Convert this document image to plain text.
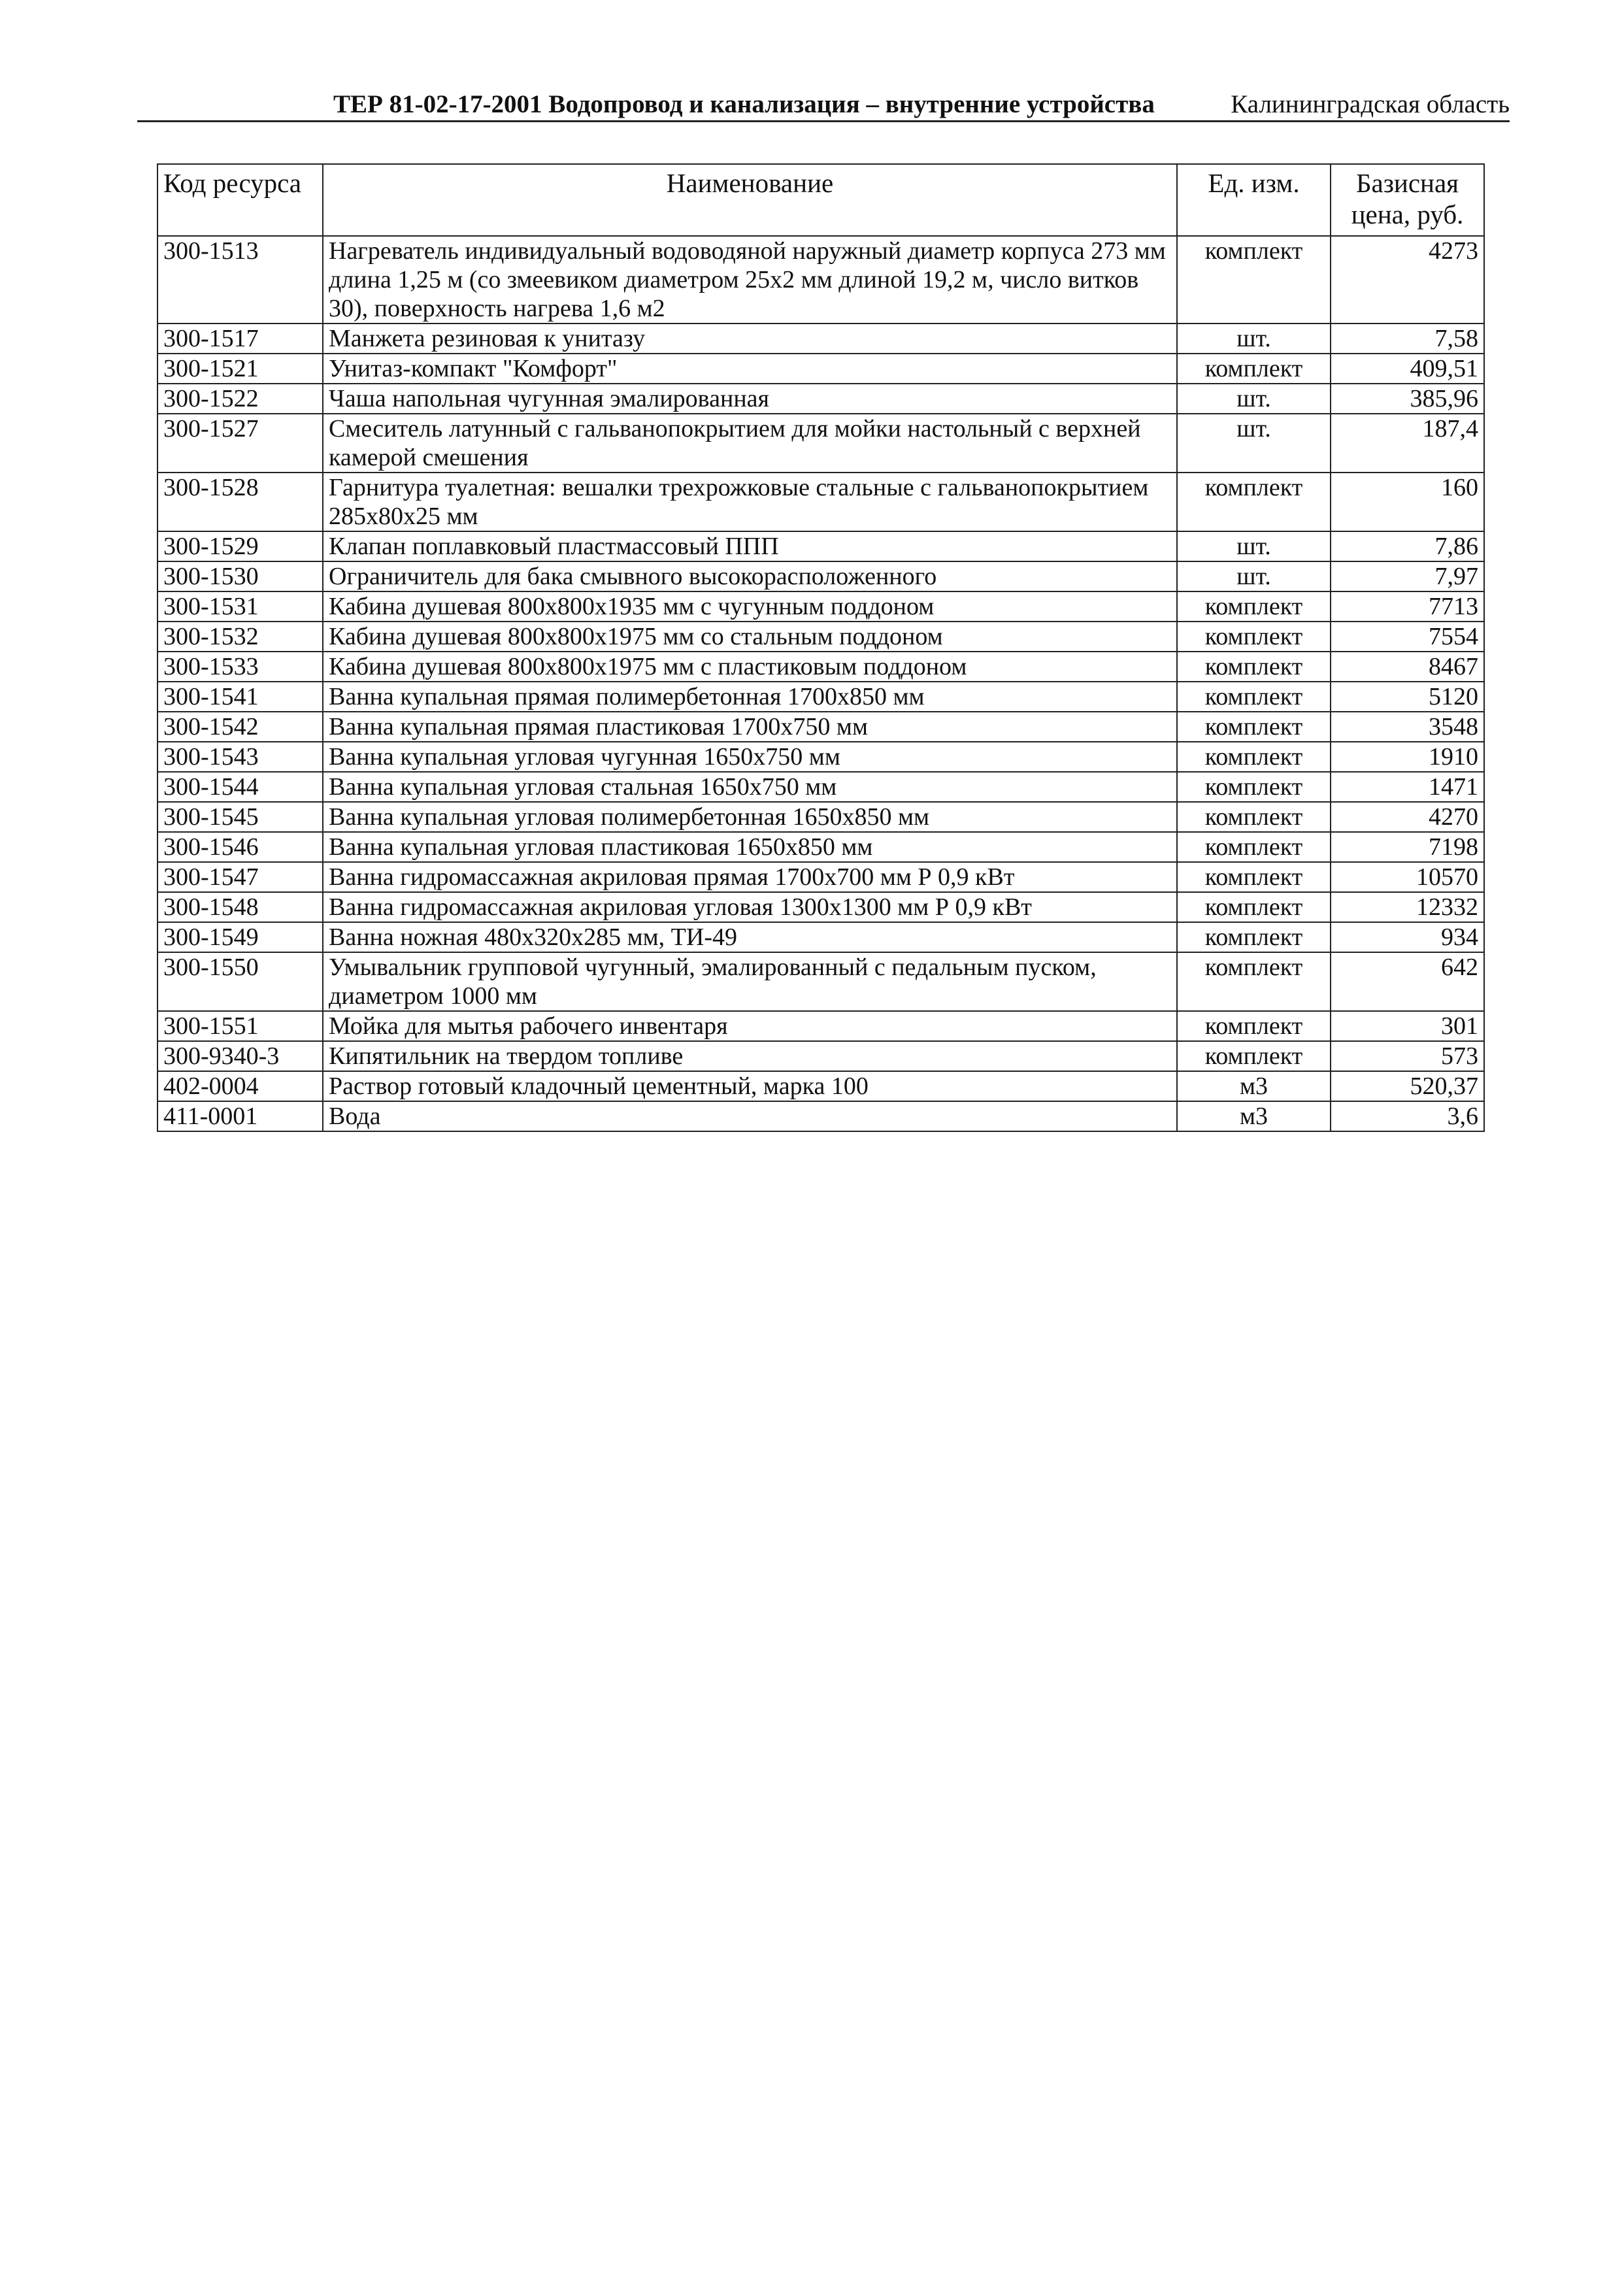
ТЕР 81-02-17-2001 Водопровод и канализация – внутренние устройства	Калининградская область
Код ресурса	Наименование	Ед. изм.	Базисная цена, руб.
300-1513	Нагреватель индивидуальный водоводяной наружный диаметр корпуса 273 мм длина 1,25 м (со змеевиком диаметром 25х2 мм длиной 19,2 м, число витков 30), поверхность нагрева 1,6 м2	комплект	4273
300-1517	Манжета резиновая к унитазу	шт.	7,58
300-1521	Унитаз-компакт "Комфорт"	комплект	409,51
300-1522	Чаша напольная чугунная эмалированная	шт.	385,96
300-1527	Смеситель латунный с гальванопокрытием для мойки настольный с верхней камерой смешения	шт.	187,4
300-1528	Гарнитура туалетная: вешалки трехрожковые стальные с гальванопокрытием 285х80х25 мм	комплект	160
300-1529	Клапан поплавковый пластмассовый ППП	шт.	7,86
300-1530	Ограничитель для бака смывного высокорасположенного	шт.	7,97
300-1531	Кабина душевая 800х800х1935 мм с чугунным поддоном	комплект	7713
300-1532	Кабина душевая 800х800х1975 мм со стальным поддоном	комплект	7554
300-1533	Кабина душевая 800х800х1975 мм с пластиковым поддоном	комплект	8467
300-1541	Ванна купальная прямая полимербетонная 1700х850 мм	комплект	5120
300-1542	Ванна купальная прямая пластиковая 1700х750 мм	комплект	3548
300-1543	Ванна купальная угловая чугунная 1650х750 мм	комплект	1910
300-1544	Ванна купальная угловая стальная 1650х750 мм	комплект	1471
300-1545	Ванна купальная угловая полимербетонная 1650х850 мм	комплект	4270
300-1546	Ванна купальная угловая пластиковая 1650х850 мм	комплект	7198
300-1547	Ванна гидромассажная акриловая прямая 1700х700 мм Р 0,9 кВт	комплект	10570
300-1548	Ванна гидромассажная акриловая угловая 1300х1300 мм Р 0,9 кВт	комплект	12332
300-1549	Ванна ножная 480х320х285 мм, ТИ-49	комплект	934
300-1550	Умывальник групповой чугунный, эмалированный с педальным пуском, диаметром 1000 мм	комплект	642
300-1551	Мойка для мытья рабочего инвентаря	комплект	301
300-9340-3	Кипятильник на твердом топливе	комплект	573
402-0004	Раствор готовый кладочный цементный, марка 100	м3	520,37
411-0001	Вода	м3	3,6
